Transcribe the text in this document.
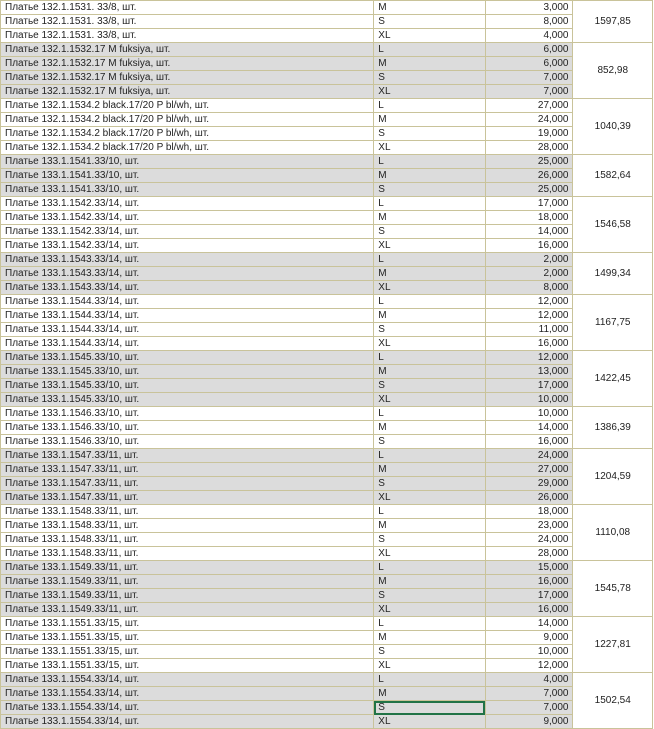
Платье 132.1.1531. 33/8, шт.	M	3,000	1597,85
Платье 132.1.1531. 33/8, шт.	S	8,000	
Платье 132.1.1531. 33/8, шт.	XL	4,000	
Платье 132.1.1532.17 M fuksiya, шт.	L	6,000	852,98
Платье 132.1.1532.17 M fuksiya, шт.	M	6,000	
Платье 132.1.1532.17 M fuksiya, шт.	S	7,000	
Платье 132.1.1532.17 M fuksiya, шт.	XL	7,000	
Платье 132.1.1534.2 black.17/20 P bl/wh, шт.	L	27,000	1040,39
Платье 132.1.1534.2 black.17/20 P bl/wh, шт.	M	24,000	
Платье 132.1.1534.2 black.17/20 P bl/wh, шт.	S	19,000	
Платье 132.1.1534.2 black.17/20 P bl/wh, шт.	XL	28,000	
Платье 133.1.1541.33/10, шт.	L	25,000	1582,64
Платье 133.1.1541.33/10, шт.	M	26,000	
Платье 133.1.1541.33/10, шт.	S	25,000	
Платье 133.1.1542.33/14, шт.	L	17,000	1546,58
Платье 133.1.1542.33/14, шт.	M	18,000	
Платье 133.1.1542.33/14, шт.	S	14,000	
Платье 133.1.1542.33/14, шт.	XL	16,000	
Платье 133.1.1543.33/14, шт.	L	2,000	1499,34
Платье 133.1.1543.33/14, шт.	M	2,000	
Платье 133.1.1543.33/14, шт.	XL	8,000	
Платье 133.1.1544.33/14, шт.	L	12,000	1167,75
Платье 133.1.1544.33/14, шт.	M	12,000	
Платье 133.1.1544.33/14, шт.	S	11,000	
Платье 133.1.1544.33/14, шт.	XL	16,000	
Платье 133.1.1545.33/10, шт.	L	12,000	1422,45
Платье 133.1.1545.33/10, шт.	M	13,000	
Платье 133.1.1545.33/10, шт.	S	17,000	
Платье 133.1.1545.33/10, шт.	XL	10,000	
Платье 133.1.1546.33/10, шт.	L	10,000	1386,39
Платье 133.1.1546.33/10, шт.	M	14,000	
Платье 133.1.1546.33/10, шт.	S	16,000	
Платье 133.1.1547.33/11, шт.	L	24,000	1204,59
Платье 133.1.1547.33/11, шт.	M	27,000	
Платье 133.1.1547.33/11, шт.	S	29,000	
Платье 133.1.1547.33/11, шт.	XL	26,000	
Платье 133.1.1548.33/11, шт.	L	18,000	1110,08
Платье 133.1.1548.33/11, шт.	M	23,000	
Платье 133.1.1548.33/11, шт.	S	24,000	
Платье 133.1.1548.33/11, шт.	XL	28,000	
Платье 133.1.1549.33/11, шт.	L	15,000	1545,78
Платье 133.1.1549.33/11, шт.	M	16,000	
Платье 133.1.1549.33/11, шт.	S	17,000	
Платье 133.1.1549.33/11, шт.	XL	16,000	
Платье 133.1.1551.33/15, шт.	L	14,000	1227,81
Платье 133.1.1551.33/15, шт.	M	9,000	
Платье 133.1.1551.33/15, шт.	S	10,000	
Платье 133.1.1551.33/15, шт.	XL	12,000	
Платье 133.1.1554.33/14, шт.	L	4,000	1502,54
Платье 133.1.1554.33/14, шт.	M	7,000	
Платье 133.1.1554.33/14, шт.	S	7,000	
Платье 133.1.1554.33/14, шт.	XL	9,000	
